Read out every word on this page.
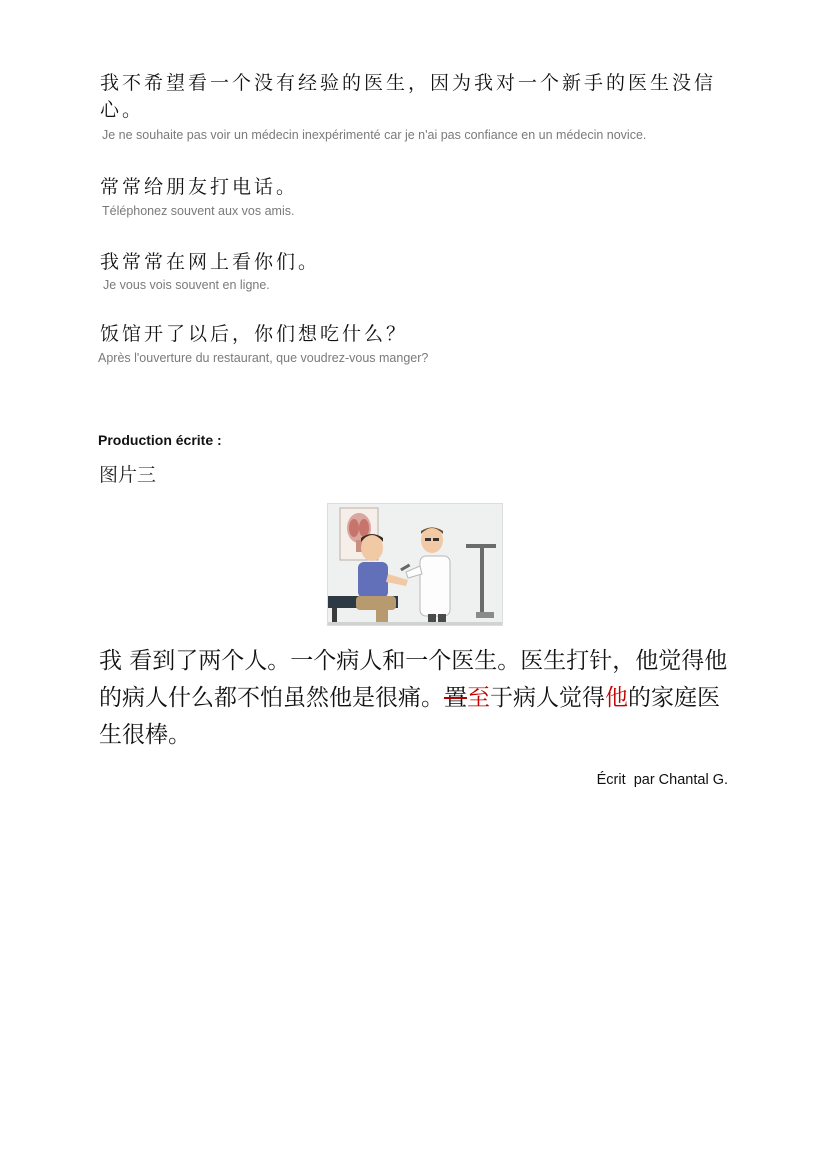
我不希望看一个没有经验的医生，因为我对一个新手的医生没信心。

Je ne souhaite pas voir un médecin inexpérimenté car je n'ai pas confiance en un médecin novice.

常常给朋友打电话。

Téléphonez souvent aux vos amis.

我常常在网上看你们。

Je vous vois souvent en ligne.

饭馆开了以后，你们想吃什么？

Après l'ouverture du restaurant, que voudrez-vous manger?

Production écrite :

图片三

我 看到了两个人。一个病人和一个医生。医生打针，他觉得他的病人什么都不怕虽然他是很痛。置至于病人觉得他的家庭医生很棒。

Écrit  par Chantal G.
